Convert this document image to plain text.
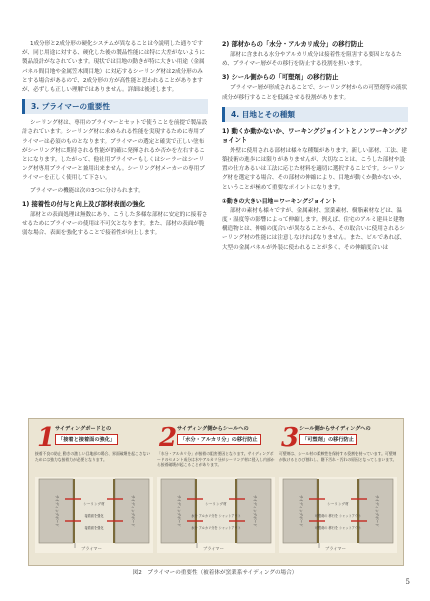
1成分形と2成分形の硬化システムが異なることは今説明した通りですが、同じ用途に対する、硬化した後の製品性能には特に大差がないように製品設計がなされています。現状では目地の動きが特に大きい用途（金属パネル間目地や金属笠木間目地）に対応するシーリング材は2成分形のみとする場合があるので、2成分形の方が高性能と思われることがありますが、必ずしも正しい理解ではありません。詳細は後述します。

3. プライマーの重要性

シーリング材は、専用のプライマーとセットで使うことを前提で製品設計されています。シーリング材に求められる性能を実現するために専用プライマーは必須のものとなります。プライマーの選定と確実で正しい塗布がシーリング材に期待される性能が的確に発揮されるか否かを左右することになります。したがって、他社用プライマーもしくはシーラーはシーリング材専用プライマーと兼用出来ません。シーリング材メーカーの専用プライマーを正しく使用して下さい。

プライマーの機能は次の3つに分けられます。

1) 接着性の付与と向上及び部材表面の強化

部材との表面処理は無数にあり、こうした多様な部材に安定的に接着させるためにプライマーの使用は不可欠となります。また、部材の表面が脆弱な場合、表面を強化することで接着性が向上します。

2) 部材からの「水分・アルカリ成分」の移行防止

部材に含まれる水分やアルカリ成分は接着性を阻害する要因となるため、プライマー層がその移行を防止する役割を担います。

3) シール側からの「可塑剤」の移行防止

プライマー層が形成されることで、シーリング材からの可塑剤等の液状成分が移行することを低減させる役割があります。

4. 目地とその種類
1) 動くか動かないか、ワーキングジョイントとノンワーキングジョイント

外壁に使用される部材は様々な種類があります。新しい部材、工法、建築技術の進歩には限りがありませんが、大切なことは、こうした部材や設置の仕方あるいは工法に応じた材料を適切に選択することです。シーリング材を選定する場合、その部材の伸縮により、目地が動くか動かないか、ということが極めて重要なポイントになります。

①動きの大きい目地＝ワーキングジョイント

部材の素材も様々ですが、金属素材、窯業素材、樹脂素材などは、温度・湿度等の影響によって伸縮します。例えば、住宅のアルミ建具と建物構造物とは、伸縮の度合いが異なることから、その取合いに使用されるシーリング材の性能には注意しなければなりません。また、ビルであれば、大型の金属パネルが外装に使われることが多く、その伸縮度合いは

1 サイディングボードとの
「接着と接着面の強化」
接着不良の防止 動きの激しい目地部の場合、界面破壊を起こさないためには強力な接着力が必要となります。
サイディングボード	シーリング材
接着面を強化
接着面を強化
サイディングボード
プライマー
2 サイディング側からシールへの
「水分・アルカリ分」の移行防止
「水分・アルカリ分」が接着の阻害要因となります。サイディングボードのセメント成分は水やアルカリ分がシーリング材に侵入し内部から接着破壊が起こることがあります。
サイディングボード	シーリング材
水分 アルカリ分を シャットアウト
水分 アルカリ分を シャットアウト
サイディングボード
プライマー
3 シール側からサイディングへの
「可塑剤」の移行防止
可塑剤は、シール材の柔軟性を保持する役割を持っています。可塑剤が抜けるとひび割れし、階下汚れ・汚れの原因となってしまいます。
サイディングボード	シーリング材
可塑剤の 移行を シャットアウト
可塑剤の 移行を シャットアウト
サイディングボード
プライマー
図2　プライマーの重要性（被着体が窯業系サイディングの場合）
5
